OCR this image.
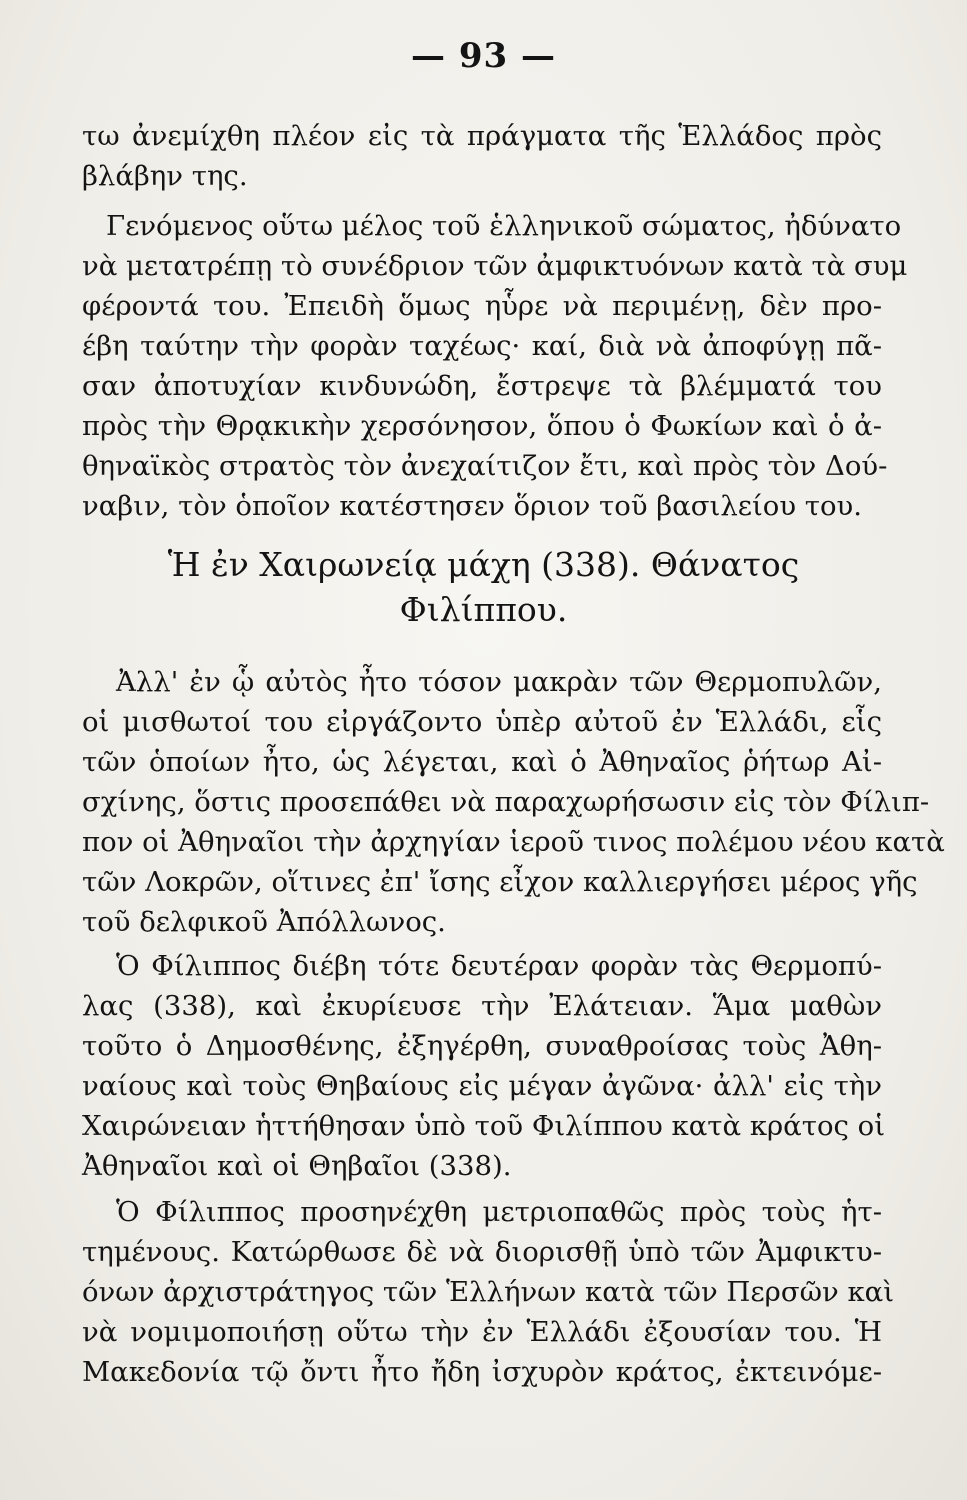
— 93 —
τω ἀνεμίχθη πλέον εἰς τὰ πράγματα τῆς Ἑλλάδος πρὸς
βλάβην της.
Γενόμενος οὕτω μέλος τοῦ ἑλληνικοῦ σώματος, ἠδύνατο
νὰ μετατρέπῃ τὸ συνέδριον τῶν ἀμφικτυόνων κατὰ τὰ συμ
φέροντά του. Ἐπειδὴ ὅμως ηὗρε νὰ περιμένῃ, δὲν προ-
έβη ταύτην τὴν φορὰν ταχέως· καί, διὰ νὰ ἀποφύγῃ πᾶ-
σαν ἀποτυχίαν κινδυνώδη, ἔστρεψε τὰ βλέμματά του
πρὸς τὴν Θρᾳκικὴν χερσόνησον, ὅπου ὁ Φωκίων καὶ ὁ ἀ-
θηναϊκὸς στρατὸς τὸν ἀνεχαίτιζον ἔτι, καὶ πρὸς τὸν Δού-
ναβιν, τὸν ὁποῖον κατέστησεν ὅριον τοῦ βασιλείου του.
Ἡ ἐν Χαιρωνείᾳ μάχη (338). Θάνατος
Φιλίππου.
Ἀλλ' ἐν ᾧ αὐτὸς ἦτο τόσον μακρὰν τῶν Θερμοπυλῶν,
οἱ μισθωτοί του εἰργάζοντο ὑπὲρ αὐτοῦ ἐν Ἑλλάδι, εἷς
τῶν ὁποίων ἦτο, ὡς λέγεται, καὶ ὁ Ἀθηναῖος ῥήτωρ Αἰ-
σχίνης, ὅστις προσεπάθει νὰ παραχωρήσωσιν εἰς τὸν Φίλιπ-
πον οἱ Ἀθηναῖοι τὴν ἀρχηγίαν ἱεροῦ τινος πολέμου νέου κατὰ
τῶν Λοκρῶν, οἵτινες ἐπ' ἴσης εἶχον καλλιεργήσει μέρος γῆς
τοῦ δελφικοῦ Ἀπόλλωνος.
Ὁ Φίλιππος διέβη τότε δευτέραν φορὰν τὰς Θερμοπύ-
λας (338), καὶ ἐκυρίευσε τὴν Ἐλάτειαν. Ἅμα μαθὼν
τοῦτο ὁ Δημοσθένης, ἐξηγέρθη, συναθροίσας τοὺς Ἀθη-
ναίους καὶ τοὺς Θηβαίους εἰς μέγαν ἀγῶνα· ἀλλ' εἰς τὴν
Χαιρώνειαν ἡττήθησαν ὑπὸ τοῦ Φιλίππου κατὰ κράτος οἱ
Ἀθηναῖοι καὶ οἱ Θηβαῖοι (338).
Ὁ Φίλιππος προσηνέχθη μετριοπαθῶς πρὸς τοὺς ἡτ-
τημένους. Κατώρθωσε δὲ νὰ διορισθῇ ὑπὸ τῶν Ἀμφικτυ-
όνων ἀρχιστράτηγος τῶν Ἑλλήνων κατὰ τῶν Περσῶν καὶ
νὰ νομιμοποιήσῃ οὕτω τὴν ἐν Ἑλλάδι ἐξουσίαν του. Ἡ
Μακεδονία τῷ ὄντι ἦτο ἤδη ἰσχυρὸν κράτος, ἐκτεινόμε-
